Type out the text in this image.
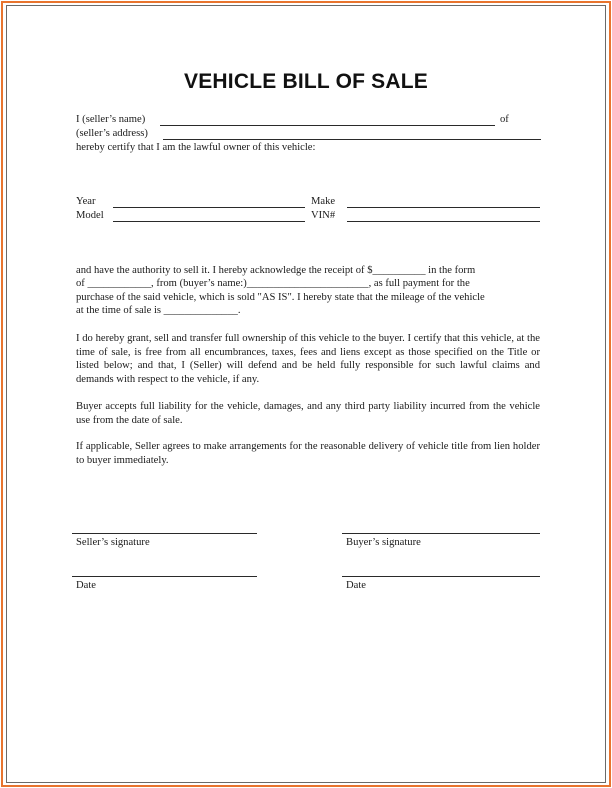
VEHICLE BILL OF SALE
I (seller’s name)	of
(seller’s address)
hereby certify that I am the lawful owner of this vehicle:
Year	Make
Model	VIN#
and have the authority to sell it. I hereby acknowledge the receipt of $__________ in the form
of ____________, from (buyer’s name:)_______________________, as full payment for the
purchase of the said vehicle, which is sold "AS IS". I hereby state that the mileage of the vehicle
at the time of sale is ______________.
I do hereby grant, sell and transfer full ownership of this vehicle to the buyer. I certify that this vehicle, at the time of sale, is free from all encumbrances, taxes, fees and liens except as those specified on the Title or listed below; and that, I (Seller) will defend and be held fully responsible for such lawful claims and demands with respect to the vehicle, if any.
Buyer accepts full liability for the vehicle, damages, and any third party liability incurred from the vehicle use from the date of sale.
If applicable, Seller agrees to make arrangements for the reasonable delivery of vehicle title from lien holder to buyer immediately.
Seller’s signature	Buyer’s signature
Date	Date
